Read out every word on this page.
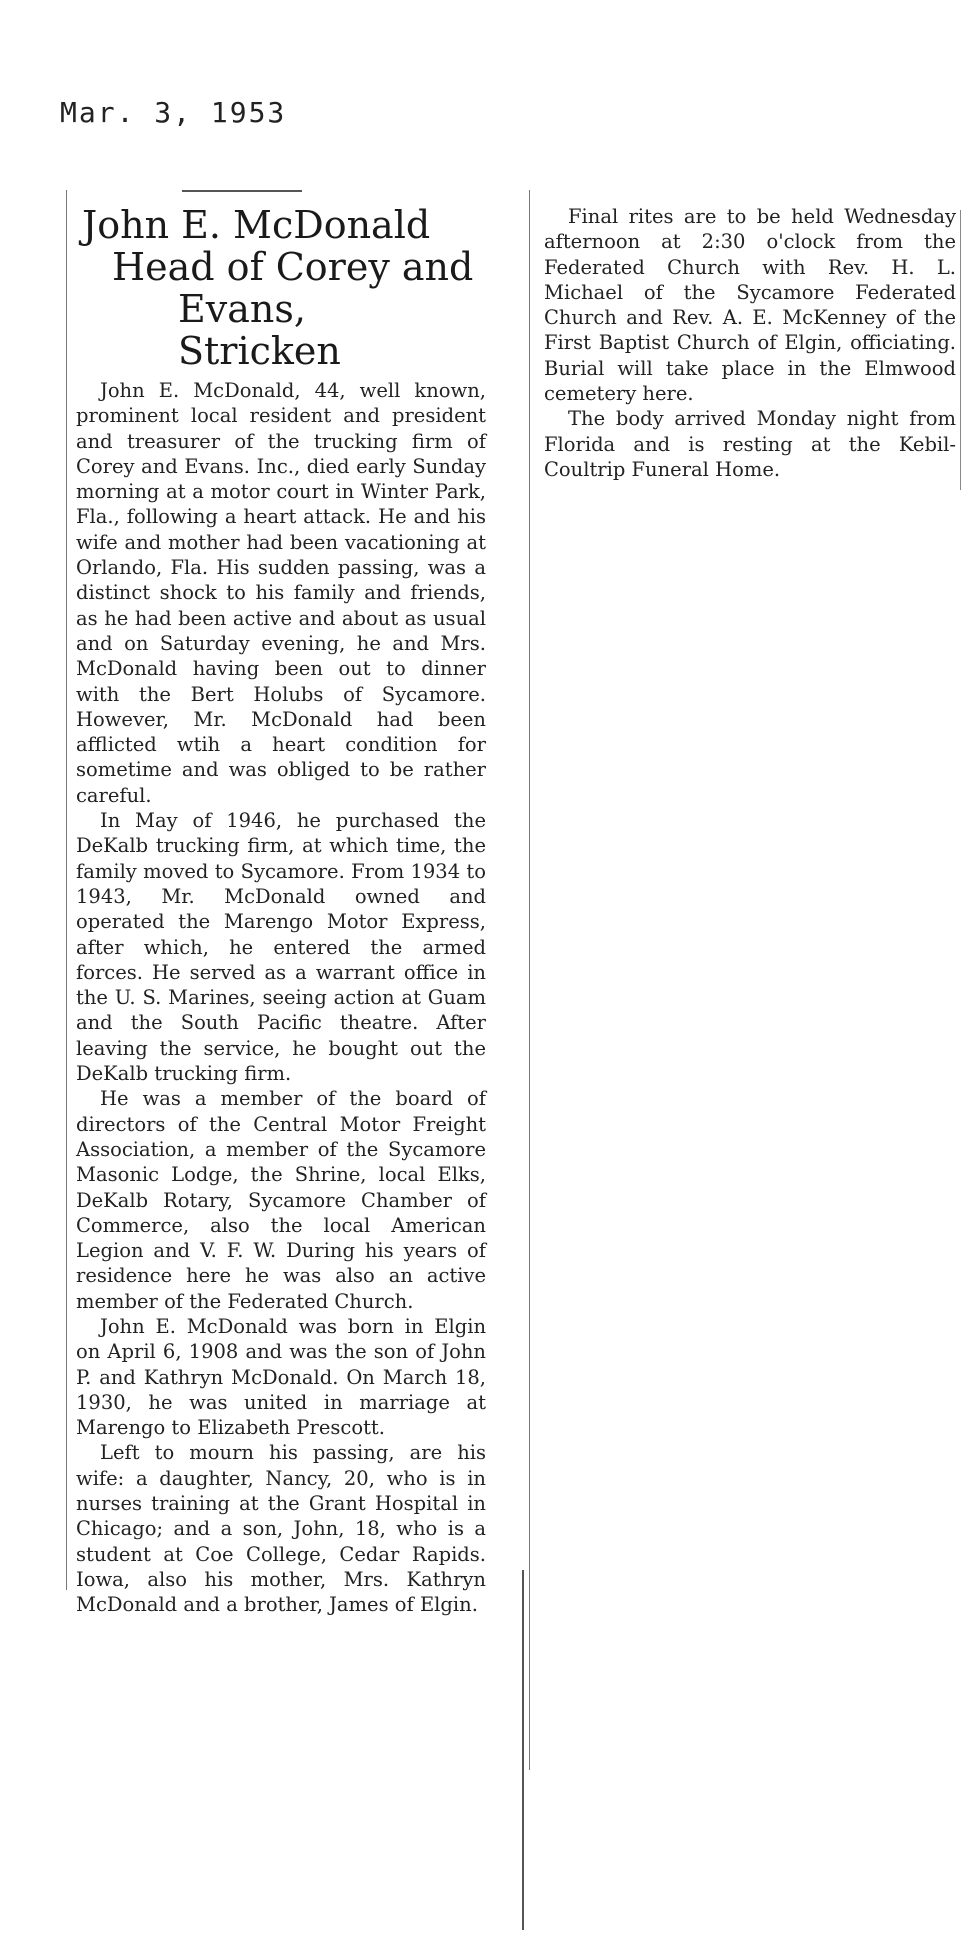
Mar. 3, 1953
John E. McDonald
Head of Corey and
Evans, Stricken

John E. McDonald, 44, well known, prominent local resident and president and treasurer of the trucking firm of Corey and Evans. Inc., died early Sunday morning at a motor court in Winter Park, Fla., following a heart attack. He and his wife and mother had been vacationing at Orlando, Fla. His sudden passing, was a distinct shock to his family and friends, as he had been active and about as usual and on Saturday evening, he and Mrs. McDonald having been out to dinner with the Bert Holubs of Sycamore. However, Mr. McDonald had been afflicted wtih a heart condition for sometime and was obliged to be rather careful.

In May of 1946, he purchased the DeKalb trucking firm, at which time, the family moved to Sycamore. From 1934 to 1943, Mr. McDonald owned and operated the Marengo Motor Express, after which, he entered the armed forces. He served as a warrant office in the U. S. Marines, seeing action at Guam and the South Pacific theatre. After leaving the service, he bought out the DeKalb trucking firm.

He was a member of the board of directors of the Central Motor Freight Association, a member of the Sycamore Masonic Lodge, the Shrine, local Elks, DeKalb Rotary, Sycamore Chamber of Commerce, also the local American Legion and V. F. W. During his years of residence here he was also an active member of the Federated Church.

John E. McDonald was born in Elgin on April 6, 1908 and was the son of John P. and Kathryn McDonald. On March 18, 1930, he was united in marriage at Marengo to Elizabeth Prescott.

Left to mourn his passing, are his wife: a daughter, Nancy, 20, who is in nurses training at the Grant Hospital in Chicago; and a son, John, 18, who is a student at Coe College, Cedar Rapids. Iowa, also his mother, Mrs. Kathryn McDonald and a brother, James of Elgin.

Final rites are to be held Wednesday afternoon at 2:30 o'clock from the Federated Church with Rev. H. L. Michael of the Sycamore Federated Church and Rev. A. E. McKenney of the First Baptist Church of Elgin, officiating. Burial will take place in the Elmwood cemetery here.

The body arrived Monday night from Florida and is resting at the Kebil-Coultrip Funeral Home.
